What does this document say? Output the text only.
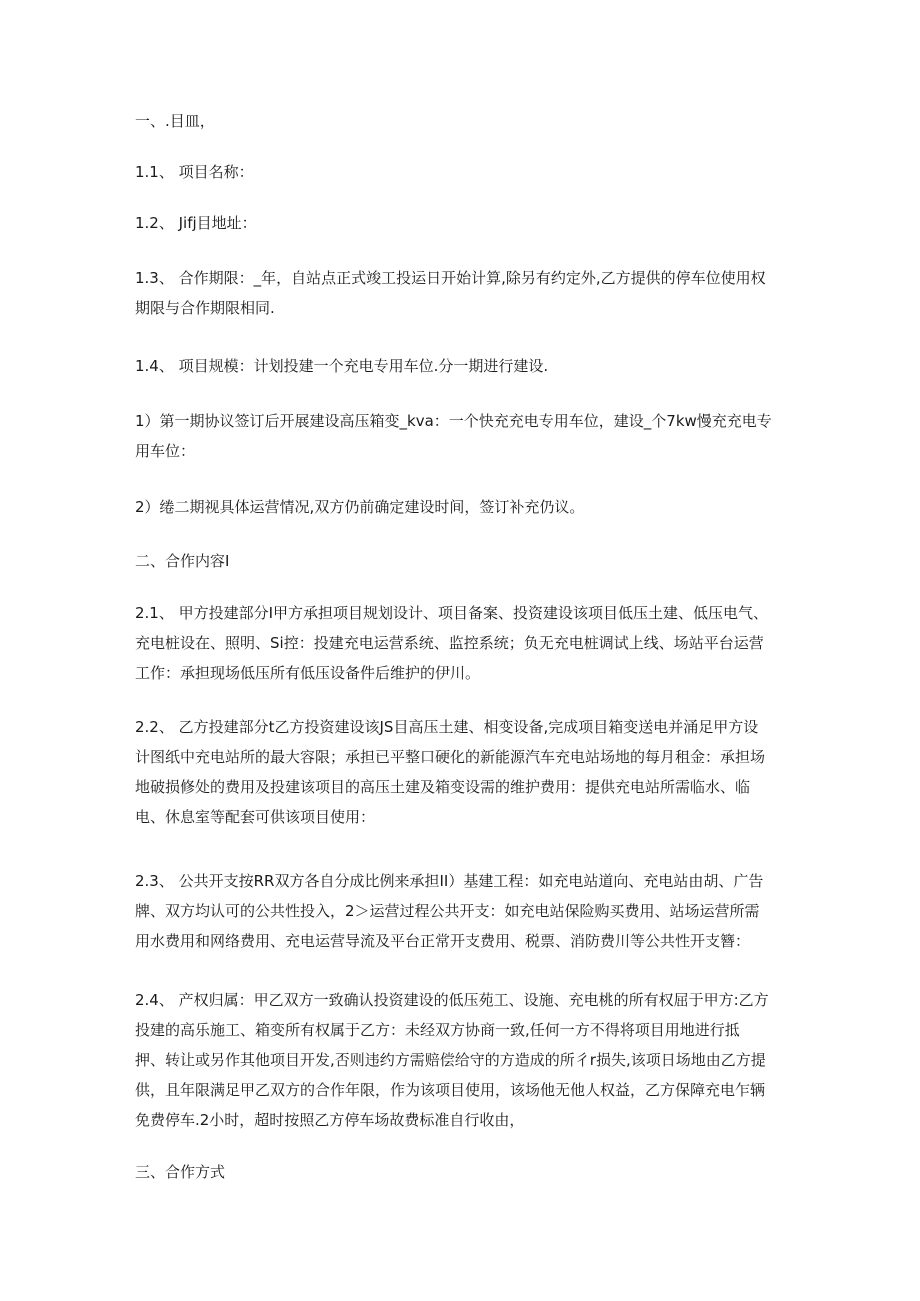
一、.目皿，
1.1、 项目名称：
1.2、 Jifj目地址：
1.3、 合作期限：_年，自站点正式竣工投运日开始计算,除另有约定外,乙方提供的停车位使用权
期限与合作期限相同.
1.4、 项目规模：计划投建一个充电专用车位.分一期进行建设.
1）第一期协议签订后开展建设高压箱变_kva：一个快充充电专用车位，建设_个7kw慢充充电专
用车位：
2）绻二期视具体运营情况,双方仍前确定建设时间，签订补充仍议。
二、合作内容I
2.1、 甲方投建部分I甲方承担项目规划设计、项目备案、投资建设该项目低压土建、低压电气、
充电桩设在、照明、Si控：投建充电运营系统、监控系统；负无充电桩调试上线、场站平台运营
工作：承担现场低压所有低压设备件后维护的伊川。
2.2、 乙方投建部分t乙方投资建设该JS目高压土建、相变设备,完成项目箱变送电并涌足甲方设
计图纸中充电站所的最大容限；承担已平整口硬化的新能源汽车充电站场地的每月租金：承担场
地破损修处的费用及投建该项目的高压土建及箱变设需的维护费用：提供充电站所需临水、临
电、休息室等配套可供该项目使用：
2.3、 公共开支按RR双方各自分成比例来承担II）基建工程：如充电站道向、充电站由胡、广告
牌、双方均认可的公共性投入，2＞运营过程公共开支：如充电站保险购买费用、站场运营所需
用水费用和网络费用、充电运营导流及平台正常开支费用、税票、消防费川等公共性开支簪：
2.4、 产权归属：甲乙双方一致确认投资建设的低压苑工、设施、充电桃的所有权屈于甲方:乙方
投建的高乐施工、箱变所有权属于乙方：未经双方协商一致,任何一方不得将项目用地进行抵
押、转让或另作其他项目开发,否则违约方需赔偿给守的方造成的所彳r损失,该项日场地由乙方提
供，且年限满足甲乙双方的合作年限，作为该项目使用，该场他无他人权益，乙方保障充电乍辆
免费停车.2小时，超时按照乙方停车场故费标准自行收由，
三、合作方式
